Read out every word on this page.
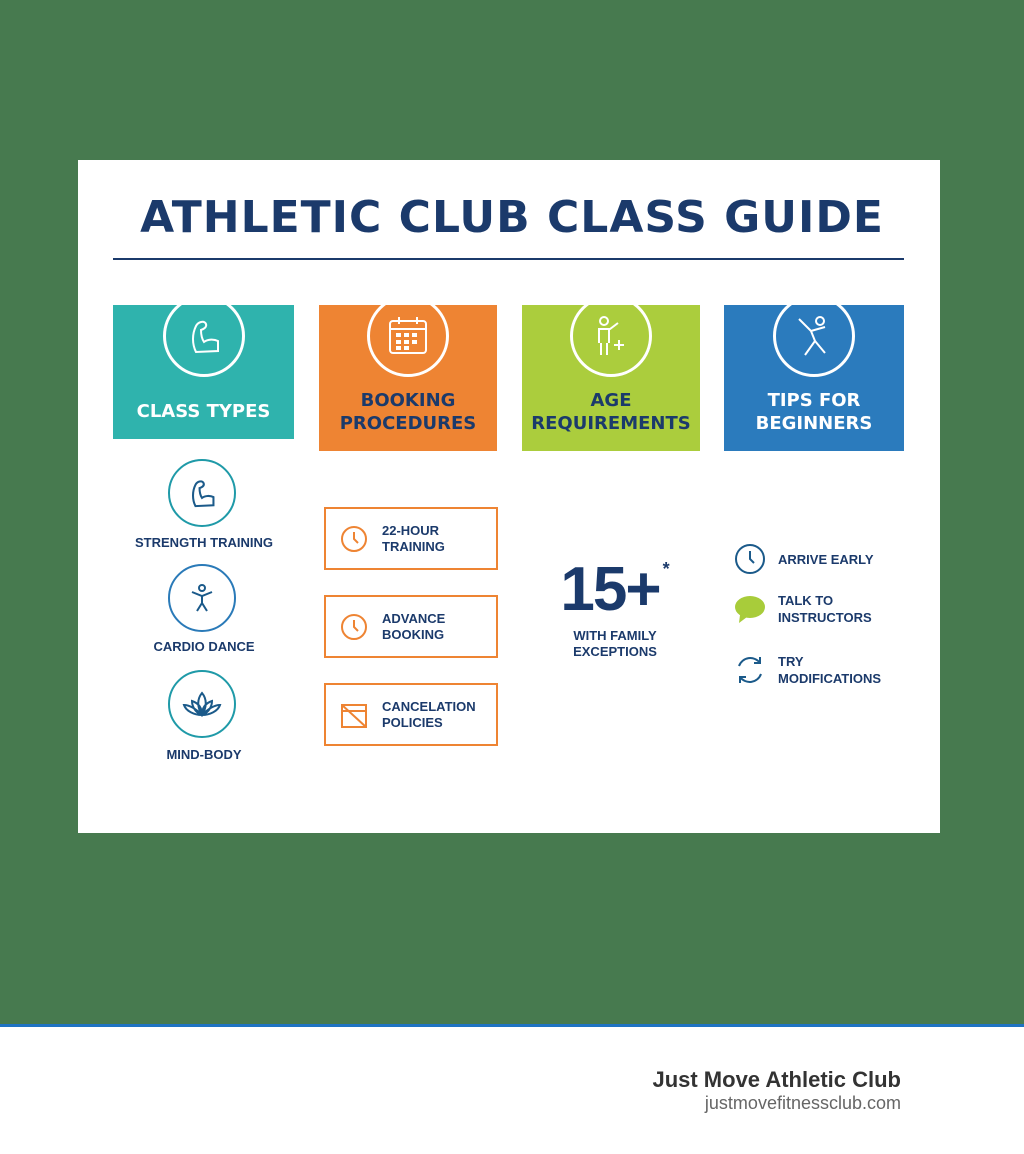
ATHLETIC CLUB CLASS GUIDE
CLASS TYPES
BOOKING PROCEDURES
AGE REQUIREMENTS
TIPS FOR BEGINNERS
STRENGTH TRAINING
CARDIO DANCE
MIND-BODY
22-HOUR TRAINING
ADVANCE BOOKING
CANCELATION POLICIES
15+ *
WITH FAMILY EXCEPTIONS
ARRIVE EARLY
TALK TO INSTRUCTORS
TRY MODIFICATIONS
Just Move Athletic Club
justmovefitnessclub.com
